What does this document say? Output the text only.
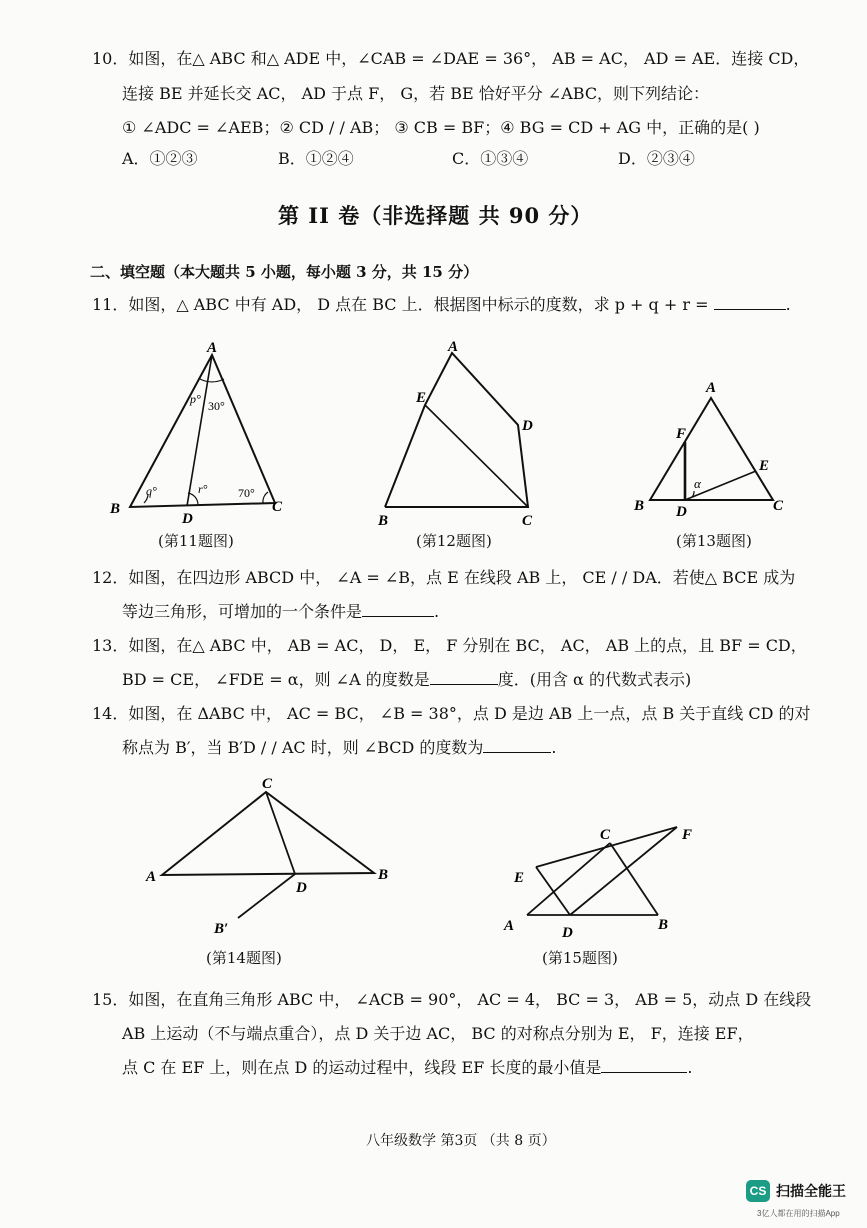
10．如图，在△ ABC 和△ ADE 中，∠CAB = ∠DAE = 36°， AB = AC， AD = AE．连接 CD，
连接 BE 并延长交 AC， AD 于点 F， G，若 BE 恰好平分 ∠ABC，则下列结论：
① ∠ADC = ∠AEB；② CD / / AB； ③ CB = BF；④ BG = CD + AG 中，正确的是( )
A．①②③	B．①②④	C．①③④	D．②③④
第 II 卷（非选择题 共 90 分）
二、填空题（本大题共 5 小题，每小题 3 分，共 15 分）
11．如图，△ ABC 中有 AD， D 点在 BC 上．根据图中标示的度数，求 p + q + r =	.
A
B	C
D
p° 30°
q°	r°	70°
(第11题图)
A
E
D
B	C
(第12题图)
A
F
E
α
B D	C
(第13题图)
12．如图，在四边形 ABCD 中， ∠A = ∠B，点 E 在线段 AB 上， CE / / DA．若使△ BCE 成为
等边三角形，可增加的一个条件是	.
13．如图，在△ ABC 中， AB = AC， D， E， F 分别在 BC， AC， AB 上的点，且 BF = CD，
BD = CE， ∠FDE = α，则 ∠A 的度数是	度．(用含 α 的代数式表示)
14．如图，在 ΔABC 中， AC = BC， ∠B = 38°，点 D 是边 AB 上一点，点 B 关于直线 CD 的对
称点为 B′，当 B′D / / AC 时，则 ∠BCD 的度数为	.
C
A	B
D
B′
(第14题图)
C	F
E
A	D	B
(第15题图)
15．如图，在直角三角形 ABC 中， ∠ACB = 90°， AC = 4， BC = 3， AB = 5，动点 D 在线段
AB 上运动（不与端点重合），点 D 关于边 AC， BC 的对称点分别为 E， F，连接 EF，
点 C 在 EF 上，则在点 D 的运动过程中，线段 EF 长度的最小值是	.
八年级数学 第3页 （共 8 页）
CS 扫描全能王
3亿人都在用的扫描App
